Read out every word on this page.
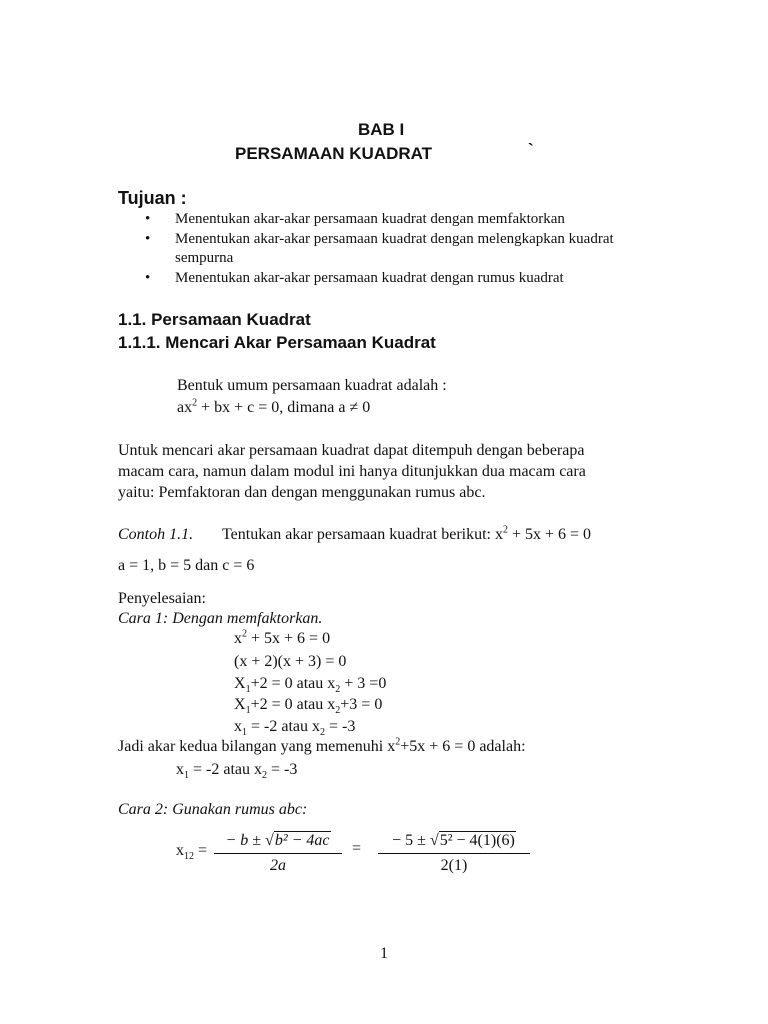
BAB I
PERSAMAAN KUADRAT	`
Tujuan :
• Menentukan akar-akar persamaan kuadrat dengan memfaktorkan
• Menentukan akar-akar persamaan kuadrat dengan melengkapkan kuadrat sempurna
• Menentukan akar-akar persamaan kuadrat dengan rumus kuadrat
1.1. Persamaan Kuadrat
1.1.1. Mencari Akar Persamaan Kuadrat
Bentuk umum persamaan kuadrat adalah :
$ax^2$ + bx + c = 0, dimana a ≠ 0
Untuk mencari akar persamaan kuadrat dapat ditempuh dengan beberapa
macam cara, namun dalam modul ini hanya ditunjukkan dua macam cara
yaitu: Pemfaktoran dan dengan menggunakan rumus abc.
Contoh 1.1. Tentukan akar persamaan kuadrat berikut: $x^2 + 5x + 6 = 0$
a = 1, b = 5 dan c = 6
Penyelesaian:
Cara 1: Dengan memfaktorkan.
$x^2 + 5x + 6 = 0$
(x + 2)(x + 3) = 0
$X_1+2 = 0$ atau $x_2 + 3 =0$
$X_1+2 = 0$ atau $x_2+3 = 0$
$x_1 = -2$ atau $x_2 = -3$
Jadi akar kedua bilangan yang memenuhi $x^2+5x + 6 = 0$ adalah:
$x_1 = -2$ atau $x_2 = -3$
Cara 2: Gunakan rumus abc:
$x_{12}$ =
− b ± √b² − 4ac
2a
=	− 5 ± √5² − 4(1)(6)
2(1)
1
